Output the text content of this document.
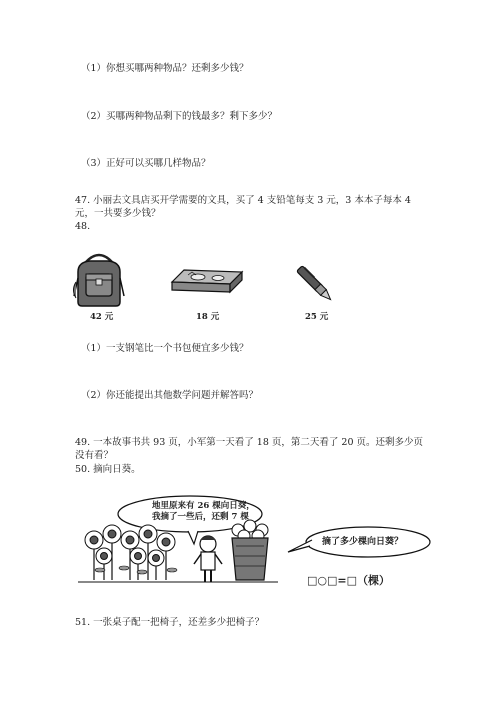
（1）你想买哪两种物品？还剩多少钱？
（2）买哪两种物品剩下的钱最多？剩下多少？
（3）正好可以买哪几样物品？
47. 小丽去文具店买开学需要的文具，买了 4 支铅笔每支 3 元，3 本本子每本 4 元，一共要多少钱？
48.
42 元	18 元	25 元
（1）一支钢笔比一个书包便宜多少钱？
（2）你还能提出其他数学问题并解答吗？
49. 一本故事书共 93 页，小军第一天看了 18 页，第二天看了 20 页。还剩多少页没有看？
50. 摘向日葵。
地里原来有 26 棵向日葵，
我摘了一些后，还剩 7 棵
摘了多少棵向日葵？
□○□=□（棵）
51. 一张桌子配一把椅子，还差多少把椅子？
